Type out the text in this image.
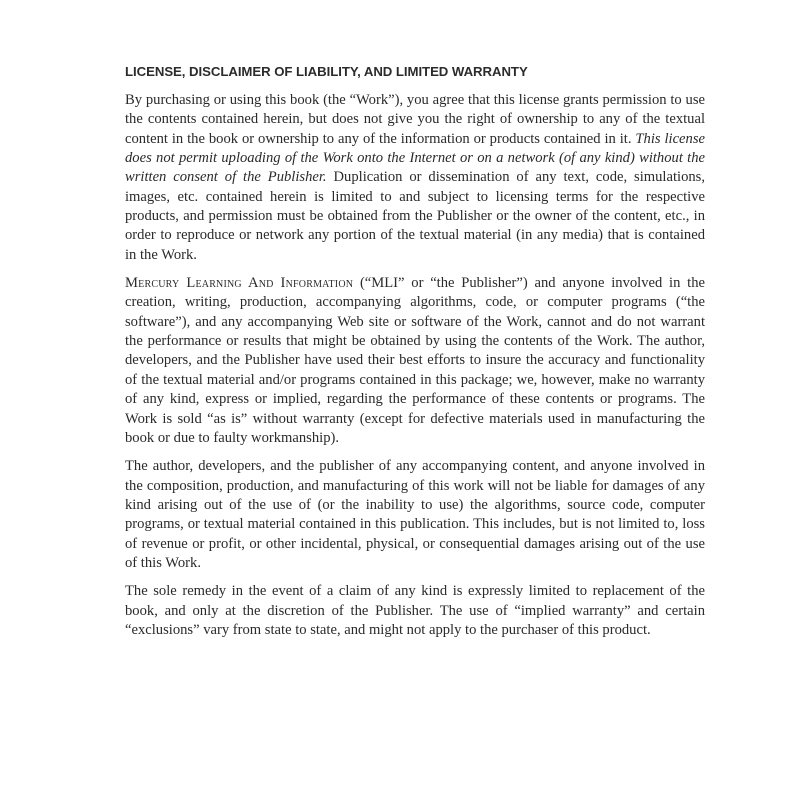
LICENSE, DISCLAIMER OF LIABILITY, AND LIMITED WARRANTY

By purchasing or using this book (the “Work”), you agree that this license grants permission to use the contents contained herein, but does not give you the right of ownership to any of the textual content in the book or ownership to any of the information or products contained in it. This license does not permit uploading of the Work onto the Internet or on a network (of any kind) without the written consent of the Publisher. Duplication or dissemination of any text, code, simulations, images, etc. contained herein is limited to and subject to licensing terms for the respective products, and permission must be obtained from the Publisher or the owner of the content, etc., in order to reproduce or network any portion of the textual material (in any media) that is contained in the Work.

Mercury Learning And Information (“MLI” or “the Publisher”) and anyone involved in the creation, writing, production, accompanying algorithms, code, or computer programs (“the software”), and any accompanying Web site or software of the Work, cannot and do not warrant the performance or results that might be obtained by using the contents of the Work. The author, developers, and the Publisher have used their best efforts to insure the accuracy and functionality of the textual material and/or programs contained in this package; we, however, make no warranty of any kind, express or implied, regarding the performance of these contents or programs. The Work is sold “as is” without warranty (except for defective materials used in manufacturing the book or due to faulty workmanship).

The author, developers, and the publisher of any accompanying content, and anyone involved in the composition, production, and manufacturing of this work will not be liable for damages of any kind arising out of the use of (or the inability to use) the algorithms, source code, computer programs, or textual material contained in this publication. This includes, but is not limited to, loss of revenue or profit, or other incidental, physical, or consequential damages arising out of the use of this Work.

The sole remedy in the event of a claim of any kind is expressly limited to replacement of the book, and only at the discretion of the Publisher. The use of “implied warranty” and certain “exclusions” vary from state to state, and might not apply to the purchaser of this product.
